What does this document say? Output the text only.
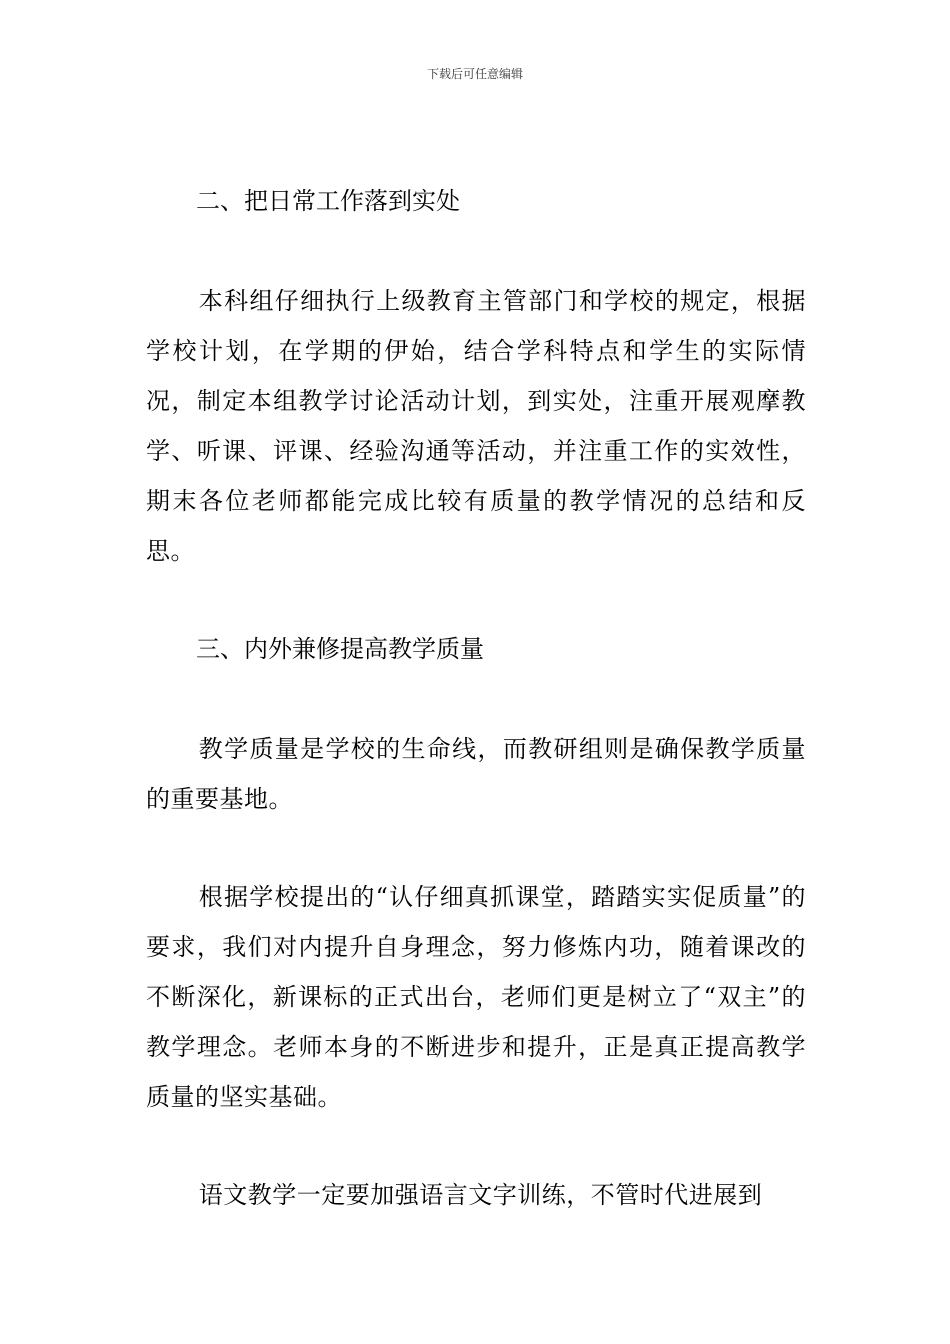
下载后可任意编辑

二、把日常工作落到实处

本科组仔细执行上级教育主管部门和学校的规定，根据学校计划，在学期的伊始，结合学科特点和学生的实际情况，制定本组教学讨论活动计划，到实处，注重开展观摩教学、听课、评课、经验沟通等活动，并注重工作的实效性，期末各位老师都能完成比较有质量的教学情况的总结和反思。

三、内外兼修提高教学质量

教学质量是学校的生命线，而教研组则是确保教学质量的重要基地。

根据学校提出的“认仔细真抓课堂，踏踏实实促质量”的要求，我们对内提升自身理念，努力修炼内功，随着课改的不断深化，新课标的正式出台，老师们更是树立了“双主”的教学理念。老师本身的不断进步和提升，正是真正提高教学质量的坚实基础。

语文教学一定要加强语言文字训练，不管时代进展到
